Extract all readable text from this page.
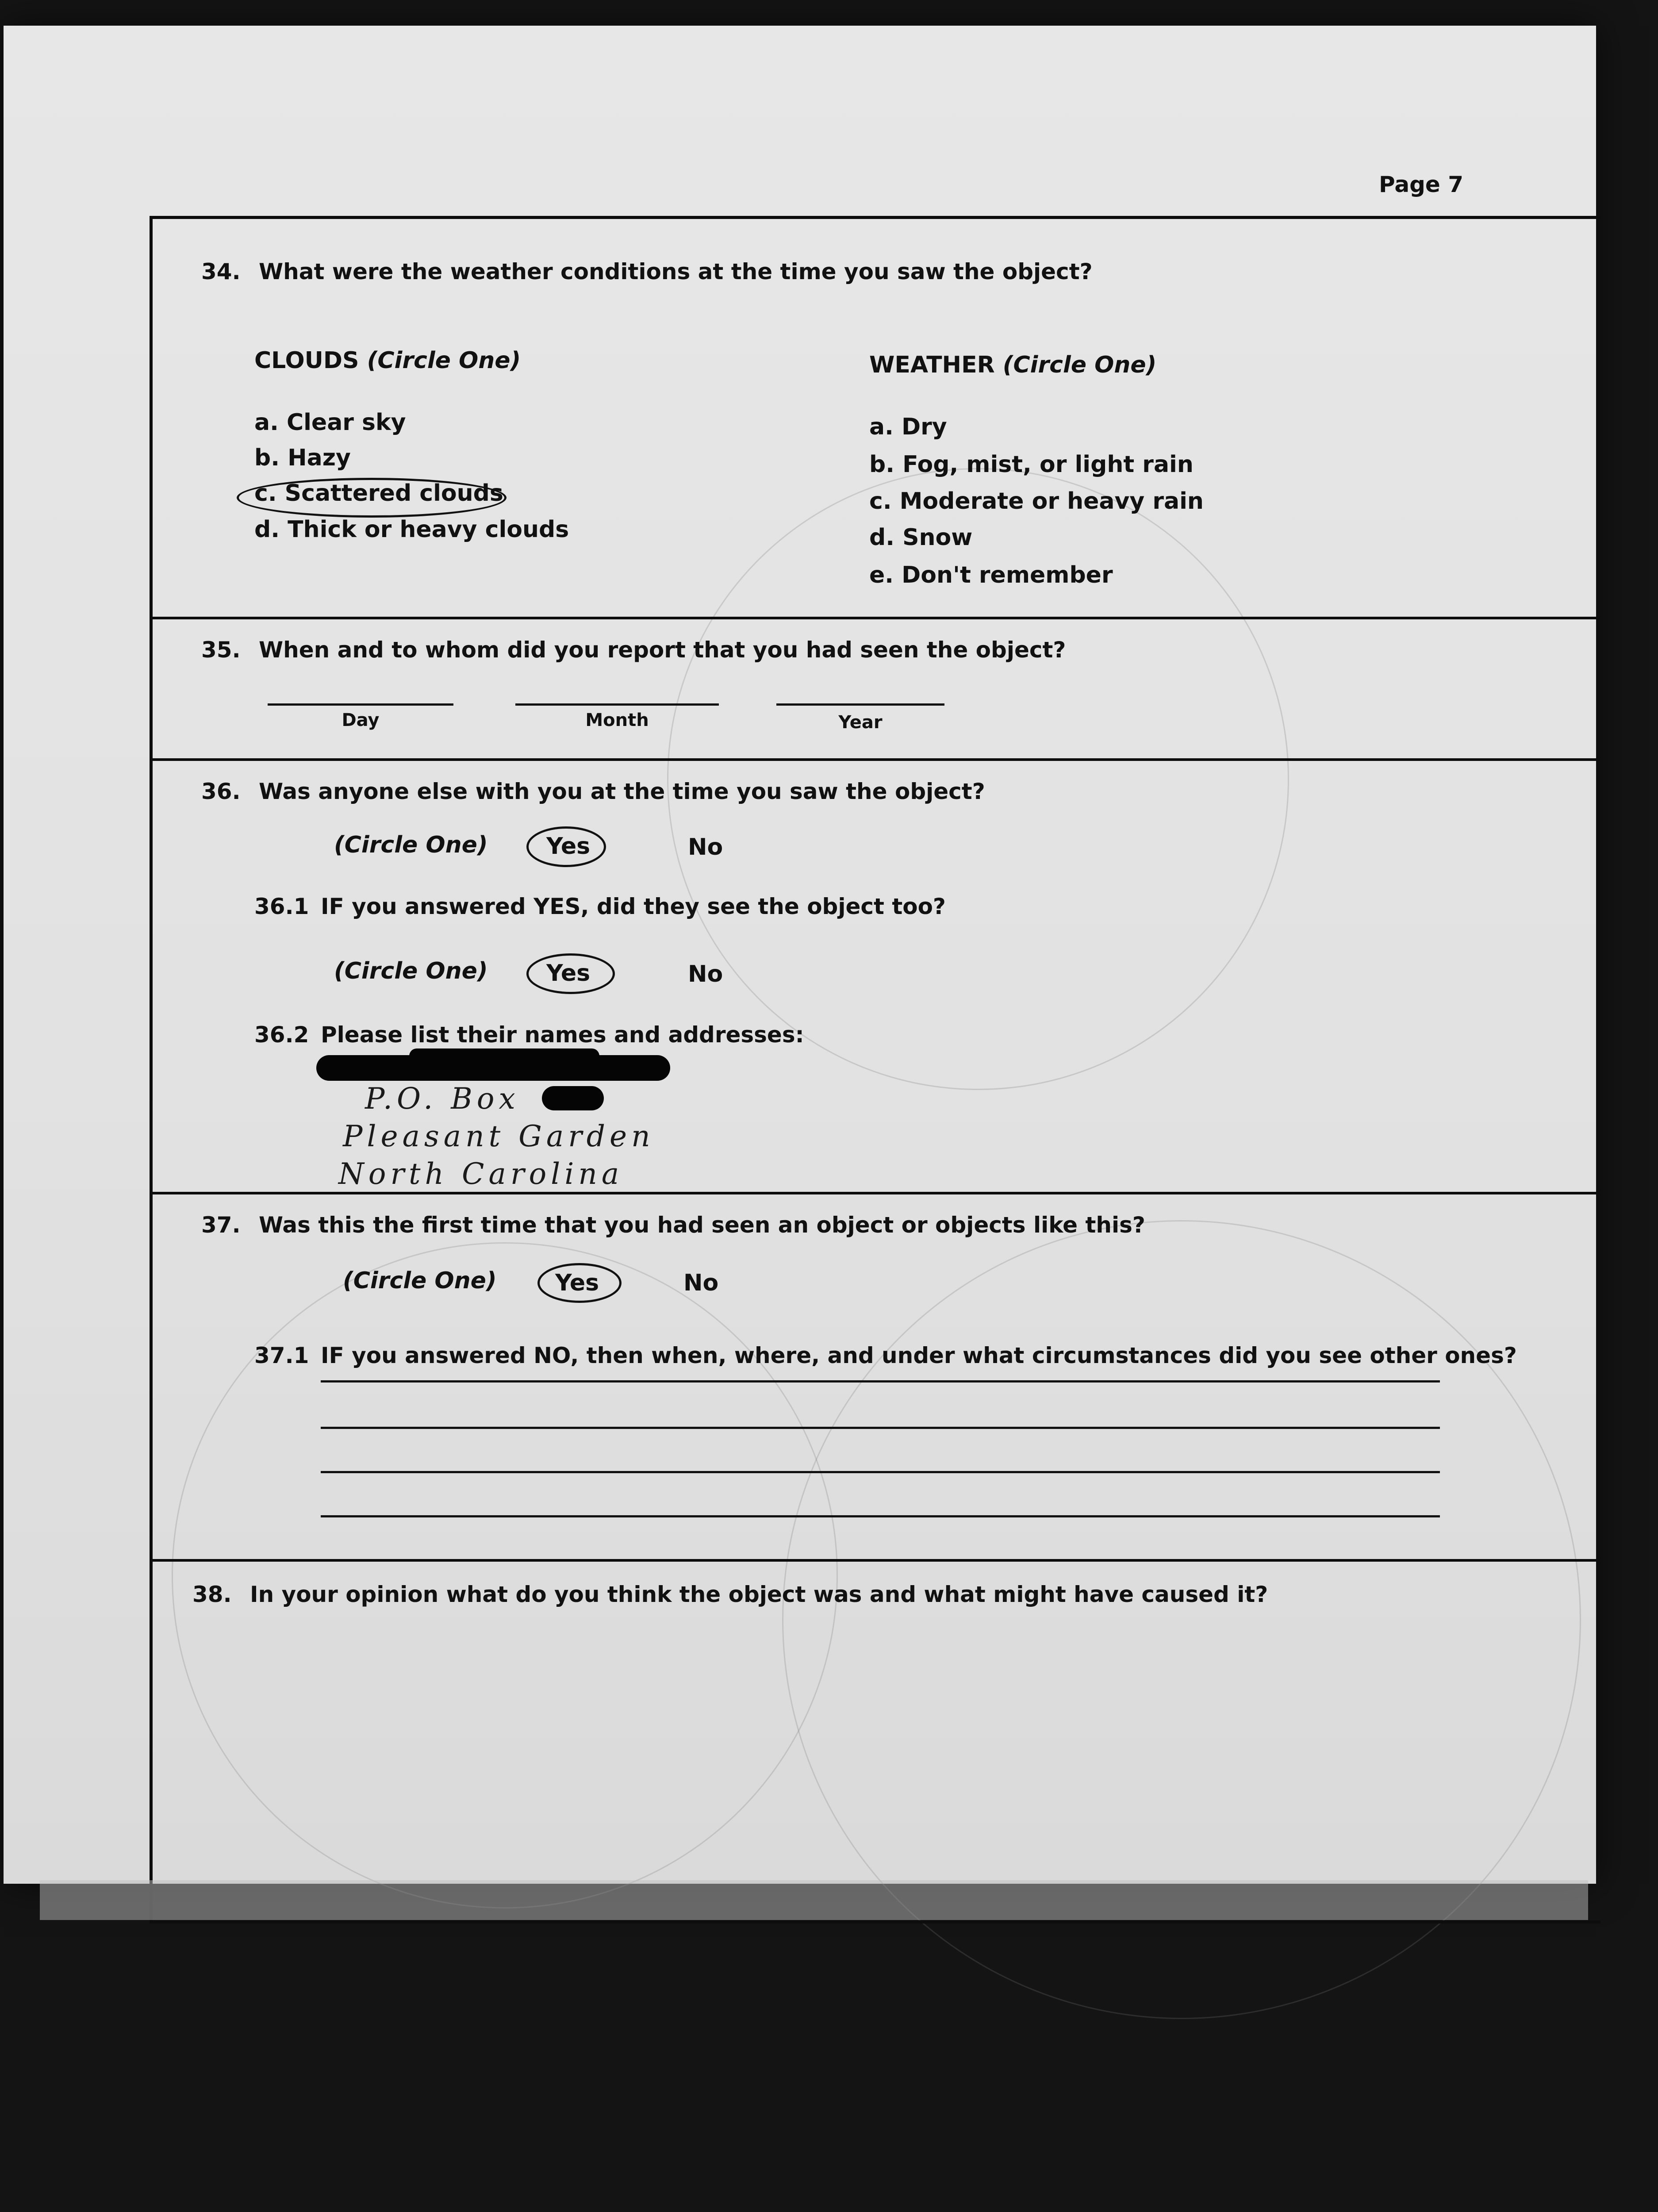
Page 7
34. What were the weather conditions at the time you saw the object?
CLOUDS (Circle One)
a. Clear sky
b. Hazy
c. Scattered clouds
d. Thick or heavy clouds
WEATHER (Circle One)
a. Dry
b. Fog, mist, or light rain
c. Moderate or heavy rain
d. Snow
e. Don't remember
35. When and to whom did you report that you had seen the object?
Day	Month	Year
36. Was anyone else with you at the time you saw the object?
(Circle One)	Yes	No
36.1 IF you answered YES, did they see the object too?
(Circle One)	Yes	No
36.2 Please list their names and addresses:
P.O. Box
Pleasant Garden
North Carolina
37. Was this the first time that you had seen an object or objects like this?
(Circle One)	Yes	No
37.1 IF you answered NO, then when, where, and under what circumstances did you see other ones?
38. In your opinion what do you think the object was and what might have caused it?
